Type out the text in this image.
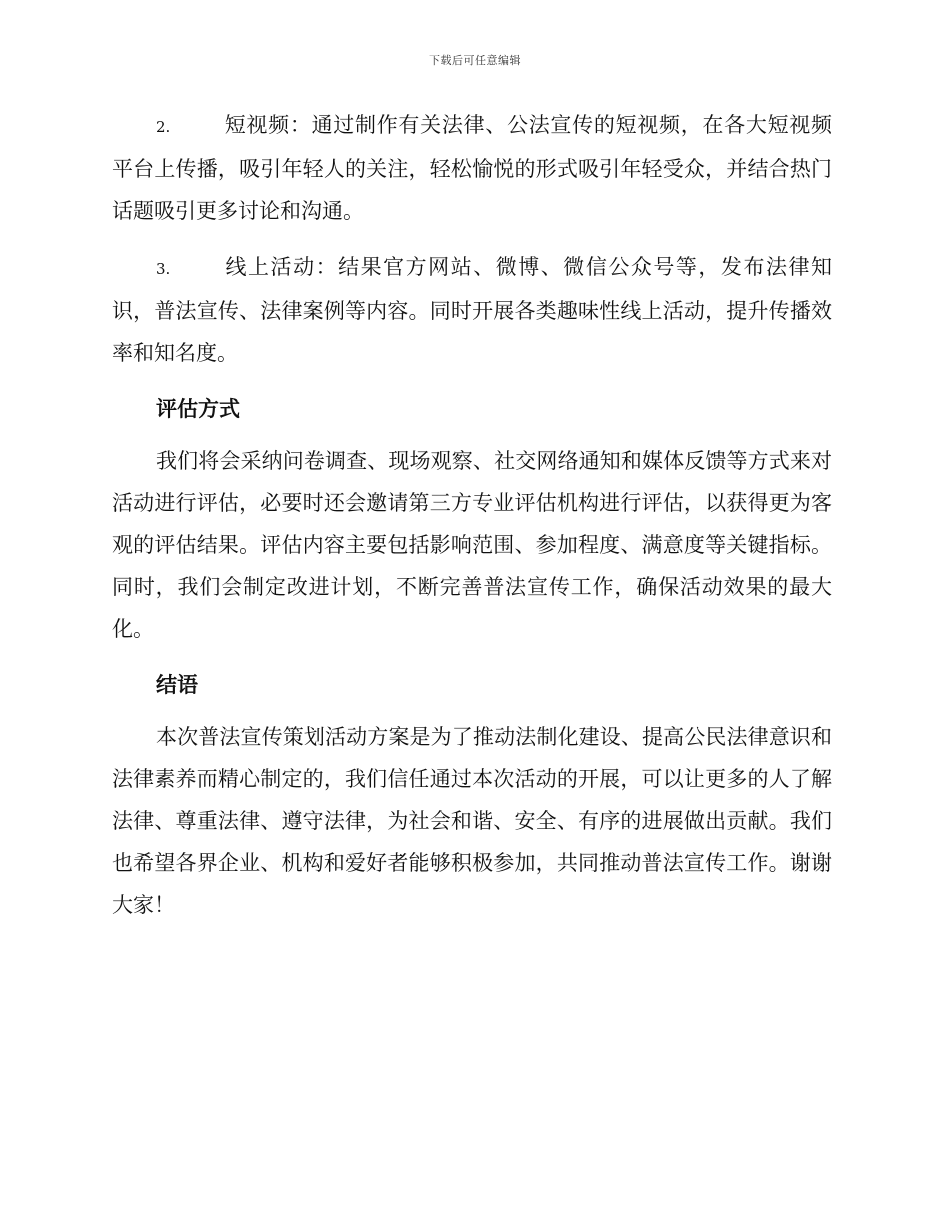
下载后可任意编辑

2.	短视频：通过制作有关法律、公法宣传的短视频，在各大短视频平台上传播，吸引年轻人的关注，轻松愉悦的形式吸引年轻受众，并结合热门话题吸引更多讨论和沟通。

3.	线上活动：结果官方网站、微博、微信公众号等，发布法律知识，普法宣传、法律案例等内容。同时开展各类趣味性线上活动，提升传播效率和知名度。

评估方式

我们将会采纳问卷调查、现场观察、社交网络通知和媒体反馈等方式来对活动进行评估，必要时还会邀请第三方专业评估机构进行评估，以获得更为客观的评估结果。评估内容主要包括影响范围、参加程度、满意度等关键指标。同时，我们会制定改进计划，不断完善普法宣传工作，确保活动效果的最大化。

结语

本次普法宣传策划活动方案是为了推动法制化建设、提高公民法律意识和法律素养而精心制定的，我们信任通过本次活动的开展，可以让更多的人了解法律、尊重法律、遵守法律，为社会和谐、安全、有序的进展做出贡献。我们也希望各界企业、机构和爱好者能够积极参加，共同推动普法宣传工作。谢谢大家！
